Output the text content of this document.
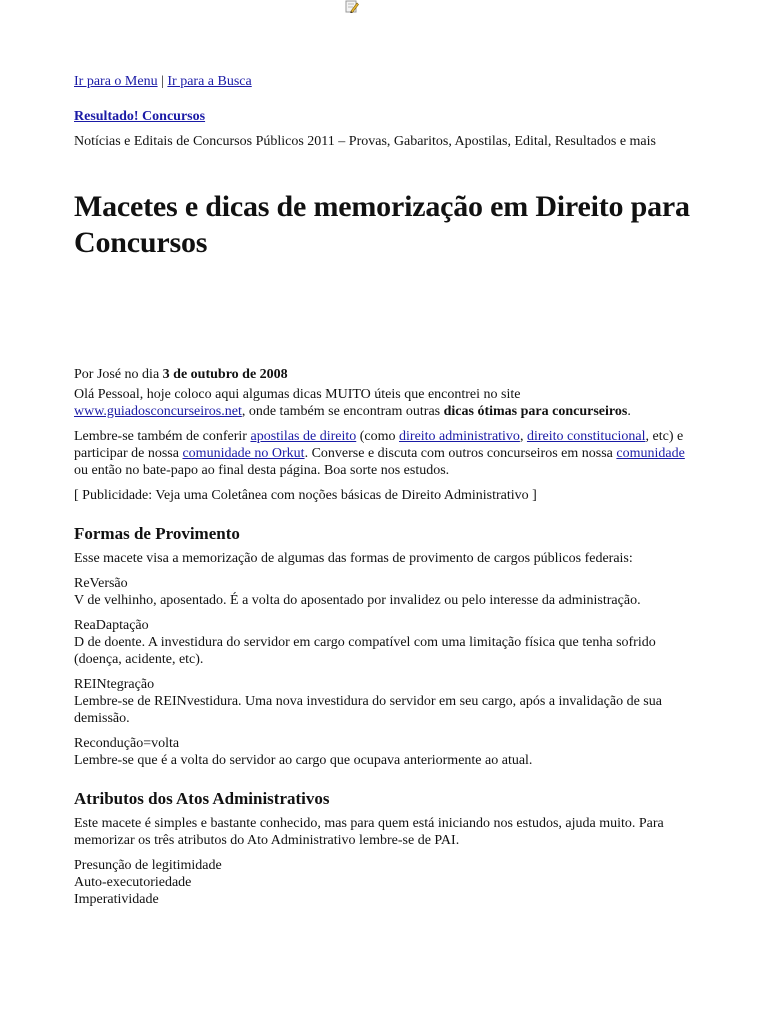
Ir para o Menu | Ir para a Busca

Resultado! Concursos

Notícias e Editais de Concursos Públicos 2011 – Provas, Gabaritos, Apostilas, Edital, Resultados e mais

Macetes e dicas de memorização em Direito para Concursos

Por José no dia 3 de outubro de 2008

Olá Pessoal, hoje coloco aqui algumas dicas MUITO úteis que encontrei no site www.guiadosconcurseiros.net, onde também se encontram outras dicas ótimas para concurseiros.

Lembre-se também de conferir apostilas de direito (como direito administrativo, direito constitucional, etc) e participar de nossa comunidade no Orkut. Converse e discuta com outros concurseiros em nossa comunidade ou então no bate-papo ao final desta página. Boa sorte nos estudos.

[ Publicidade: Veja uma Coletânea com noções básicas de Direito Administrativo ]

Formas de Provimento

Esse macete visa a memorização de algumas das formas de provimento de cargos públicos federais:

ReVersão

V de velhinho, aposentado. É a volta do aposentado por invalidez ou pelo interesse da administração.

ReaDaptação

D de doente. A investidura do servidor em cargo compatível com uma limitação física que tenha sofrido (doença, acidente, etc).

REINtegração

Lembre-se de REINvestidura. Uma nova investidura do servidor em seu cargo, após a invalidação de sua demissão.

Recondução=volta

Lembre-se que é a volta do servidor ao cargo que ocupava anteriormente ao atual.

Atributos dos Atos Administrativos

Este macete é simples e bastante conhecido, mas para quem está iniciando nos estudos, ajuda muito. Para memorizar os três atributos do Ato Administrativo lembre-se de PAI.

Presunção de legitimidade

Auto-executoriedade

Imperatividade
